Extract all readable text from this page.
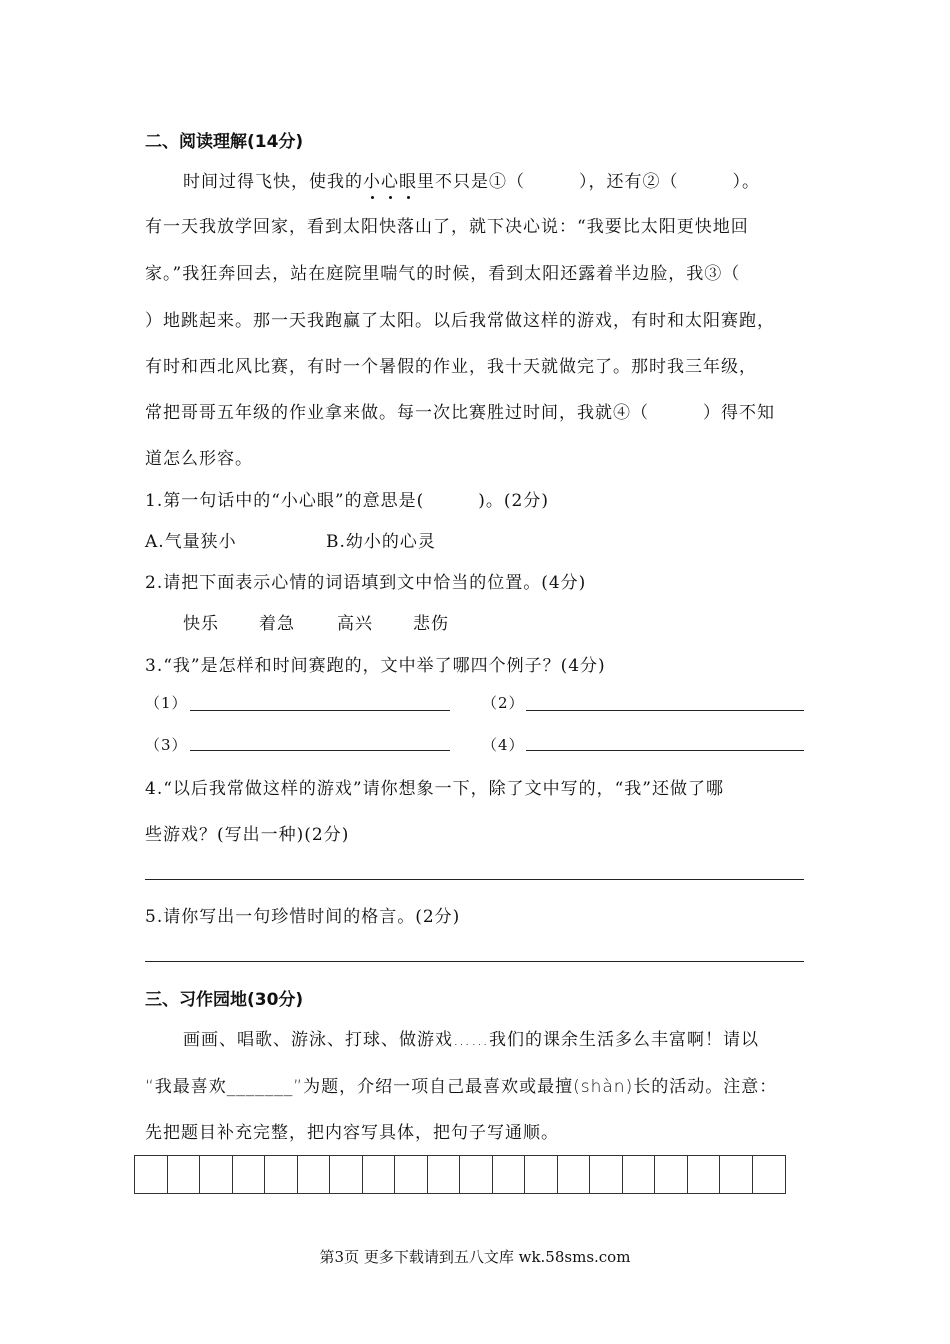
二、阅读理解(14分)
时间过得飞快，使我的小心眼里不只是①（　　　），还有②（　　　）。
有一天我放学回家，看到太阳快落山了，就下决心说：“我要比太阳更快地回
家。”我狂奔回去，站在庭院里喘气的时候，看到太阳还露着半边脸，我③（
）地跳起来。那一天我跑赢了太阳。以后我常做这样的游戏，有时和太阳赛跑，
有时和西北风比赛，有时一个暑假的作业，我十天就做完了。那时我三年级，
常把哥哥五年级的作业拿来做。每一次比赛胜过时间，我就④（　　　）得不知
道怎么形容。
1.第一句话中的“小心眼”的意思是(　　　)。(2分)
A.气量狭小	B.幼小的心灵
2.请把下面表示心情的词语填到文中恰当的位置。(4分)
快乐 着急 高兴 悲伤
3.“我”是怎样和时间赛跑的，文中举了哪四个例子？(4分)
（1）	（2）
（3）	（4）
4.“以后我常做这样的游戏”请你想象一下，除了文中写的，“我”还做了哪
些游戏？(写出一种)(2分)
5.请你写出一句珍惜时间的格言。(2分)
三、习作园地(30分)
画画、唱歌、游泳、打球、做游戏……我们的课余生活多么丰富啊！请以
“我最喜欢_______”为题，介绍一项自己最喜欢或最擅(shàn)长的活动。注意：
先把题目补充完整，把内容写具体，把句子写通顺。
第3页 更多下载请到五八文库 wk.58sms.com
